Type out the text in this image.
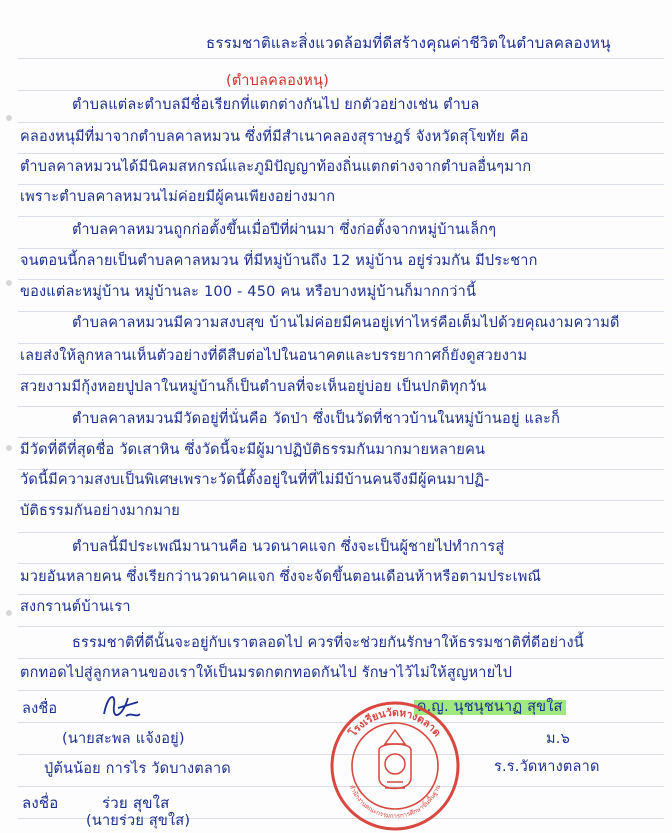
ธรรมชาติและสิ่งแวดล้อมที่ดีสร้างคุณค่าชีวิตในตำบลคลองหนุ
(ตำบลคลองหนุ)
ตำบลแต่ละตำบลมีชื่อเรียกที่แตกต่างกันไป ยกตัวอย่างเช่น ตำบล
คลองหนุมีที่มาจากตำบลคาลหมวน ซึ่งที่มีสำเนาคลองสุราษฎร์ จังหวัดสุโขทัย คือ
ตำบลคาลหมวนได้มีนิคมสหกรณ์และภูมิปัญญาท้องถิ่นแตกต่างจากตำบลอื่นๆมาก
เพราะตำบลคาลหมวนไม่ค่อยมีผู้คนเพียงอย่างมาก
ตำบลคาลหมวนถูกก่อตั้งขึ้นเมื่อปีที่ผ่านมา ซึ่งก่อตั้งจากหมู่บ้านเล็กๆ
จนตอนนี้กลายเป็นตำบลคาลหมวน ที่มีหมู่บ้านถึง 12 หมู่บ้าน อยู่ร่วมกัน มีประชาก
ของแต่ละหมู่บ้าน หมู่บ้านละ 100 - 450 คน หรือบางหมู่บ้านก็มากกว่านี้
ตำบลคาลหมวนมีความสงบสุข บ้านไม่ค่อยมีคนอยู่เท่าไหร่คือเต็มไปด้วยคุณงามความดี
เลยส่งให้ลูกหลานเห็นตัวอย่างที่ดีสืบต่อไปในอนาคตและบรรยากาศก็ยังดูสวยงาม
สวยงามมีกุ้งหอยปูปลาในหมู่บ้านก็เป็นตำบลที่จะเห็นอยู่บ่อย เป็นปกติทุกวัน
ตำบลคาลหมวนมีวัดอยู่ที่นั่นคือ วัดป่า ซึ่งเป็นวัดที่ชาวบ้านในหมู่บ้านอยู่ และก็
มีวัดที่ดีที่สุดชื่อ วัดเสาหิน ซึ่งวัดนี้จะมีผู้มาปฏิบัติธรรมกันมากมายหลายคน
วัดนี้มีความสงบเป็นพิเศษเพราะวัดนี้ตั้งอยู่ในที่ที่ไม่มีบ้านคนจึงมีผู้คนมาปฏิ-
บัติธรรมกันอย่างมากมาย
ตำบลนี้มีประเพณีมานานคือ นวดนาคแจก ซึ่งจะเป็นผู้ชายไปทำการสู่
มวยอันหลายคน ซึ่งเรียกว่านวดนาคแจก ซึ่งจะจัดขึ้นตอนเดือนห้าหรือตามประเพณี
สงกรานต์บ้านเรา
ธรรมชาติที่ดีนั้นจะอยู่กับเราตลอดไป ควรที่จะช่วยกันรักษาให้ธรรมชาติที่ดีอย่างนี้
ตกทอดไปสู่ลูกหลานของเราให้เป็นมรดกตกทอดกันไป รักษาไว้ไม่ให้สูญหายไป
ลงชื่อ
(นายสะพล แจ้งอยู่)
ปู่ต้นน้อย การไร วัดบางตลาด
ด.ญ. นุชนุชนาฏ สุขใส
ม.๖
ร.ร.วัดหางตลาด
ลงชื่อ	ร่วย สุขใส
(นายร่วย สุขใส)
โรงเรียนวัดหางตลาด
สำนักงานคณะกรรมการการศึกษาขั้นพื้นฐาน
